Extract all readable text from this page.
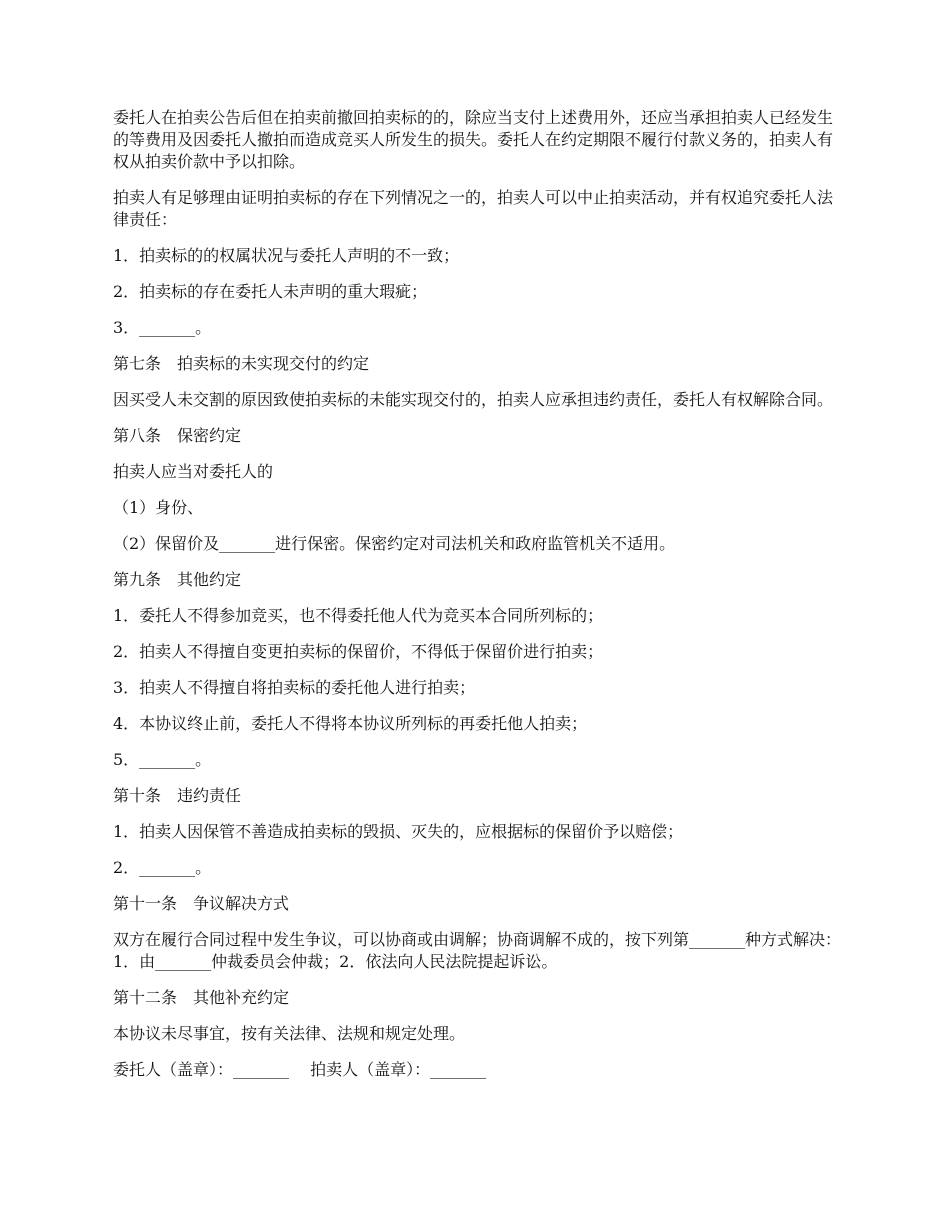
委托人在拍卖公告后但在拍卖前撤回拍卖标的的，除应当支付上述费用外，还应当承担拍卖人已经发生的等费用及因委托人撤拍而造成竞买人所发生的损失。委托人在约定期限不履行付款义务的，拍卖人有权从拍卖价款中予以扣除。

拍卖人有足够理由证明拍卖标的存在下列情况之一的，拍卖人可以中止拍卖活动，并有权追究委托人法律责任：

1．拍卖标的的权属状况与委托人声明的不一致；

2．拍卖标的存在委托人未声明的重大瑕疵；

3．_______。

第七条　拍卖标的未实现交付的约定

因买受人未交割的原因致使拍卖标的未能实现交付的，拍卖人应承担违约责任，委托人有权解除合同。

第八条　保密约定

拍卖人应当对委托人的

（1）身份、

（2）保留价及_______进行保密。保密约定对司法机关和政府监管机关不适用。

第九条　其他约定

1．委托人不得参加竞买，也不得委托他人代为竞买本合同所列标的；

2．拍卖人不得擅自变更拍卖标的保留价，不得低于保留价进行拍卖；

3．拍卖人不得擅自将拍卖标的委托他人进行拍卖；

4．本协议终止前，委托人不得将本协议所列标的再委托他人拍卖；

5．_______。

第十条　违约责任

1．拍卖人因保管不善造成拍卖标的毁损、灭失的，应根据标的保留价予以赔偿；

2．_______。

第十一条　争议解决方式

双方在履行合同过程中发生争议，可以协商或由调解；协商调解不成的，按下列第_______种方式解决：1．由_______仲裁委员会仲裁；2．依法向人民法院提起诉讼。

第十二条　其他补充约定

本协议未尽事宜，按有关法律、法规和规定处理。

委托人（盖章）：_______　 拍卖人（盖章）：_______
